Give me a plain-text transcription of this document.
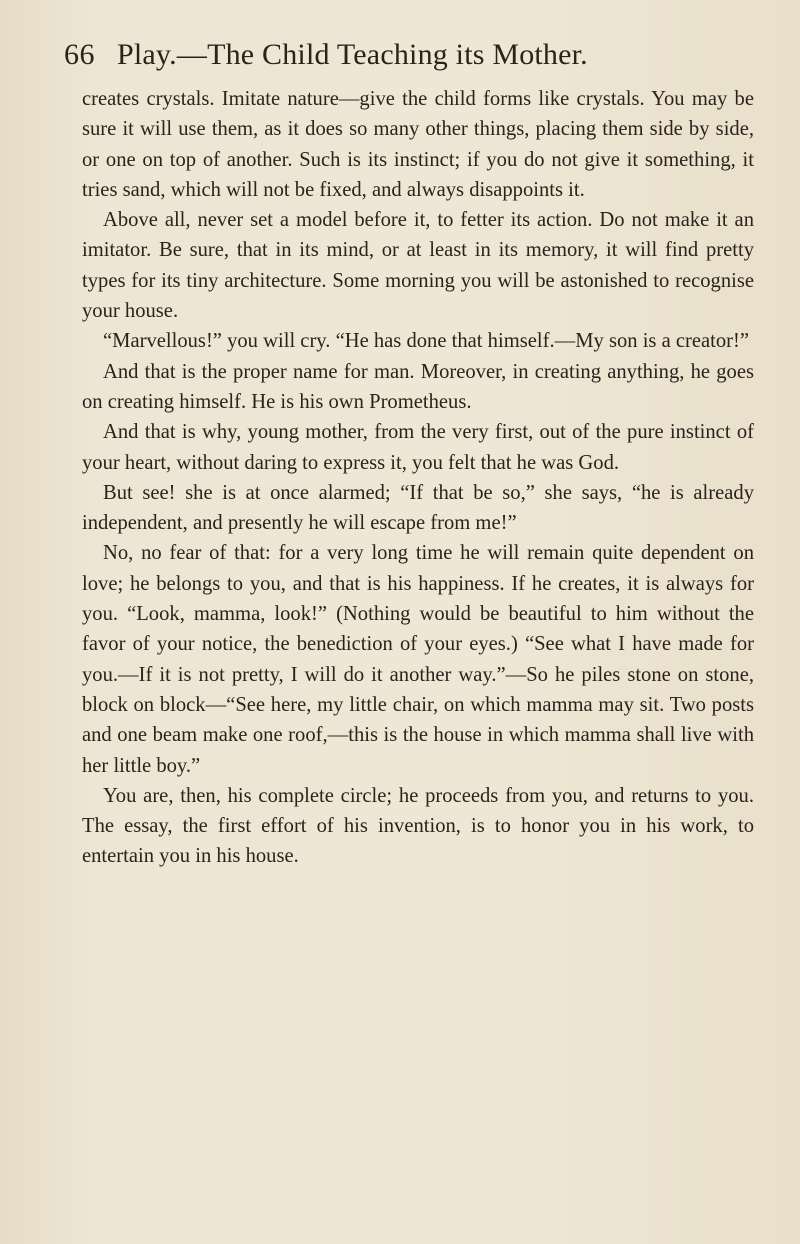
66 Play.—The Child Teaching its Mother.

creates crystals. Imitate nature—give the child forms like crystals. You may be sure it will use them, as it does so many other things, placing them side by side, or one on top of another. Such is its instinct; if you do not give it something, it tries sand, which will not be fixed, and always disappoints it.

Above all, never set a model before it, to fetter its action. Do not make it an imitator. Be sure, that in its mind, or at least in its memory, it will find pretty types for its tiny architecture. Some morning you will be astonished to recognise your house.

“Marvellous!” you will cry. “He has done that himself.—My son is a creator!”

And that is the proper name for man. Moreover, in creating anything, he goes on creating himself. He is his own Prometheus.

And that is why, young mother, from the very first, out of the pure instinct of your heart, without daring to express it, you felt that he was God.

But see! she is at once alarmed; “If that be so,” she says, “he is already independent, and presently he will escape from me!”

No, no fear of that: for a very long time he will remain quite dependent on love; he belongs to you, and that is his happiness. If he creates, it is always for you. “Look, mamma, look!” (Nothing would be beautiful to him without the favor of your notice, the benediction of your eyes.) “See what I have made for you.—If it is not pretty, I will do it another way.”—So he piles stone on stone, block on block—“See here, my little chair, on which mamma may sit. Two posts and one beam make one roof,—this is the house in which mamma shall live with her little boy.”

You are, then, his complete circle; he proceeds from you, and returns to you. The essay, the first effort of his invention, is to honor you in his work, to entertain you in his house.
